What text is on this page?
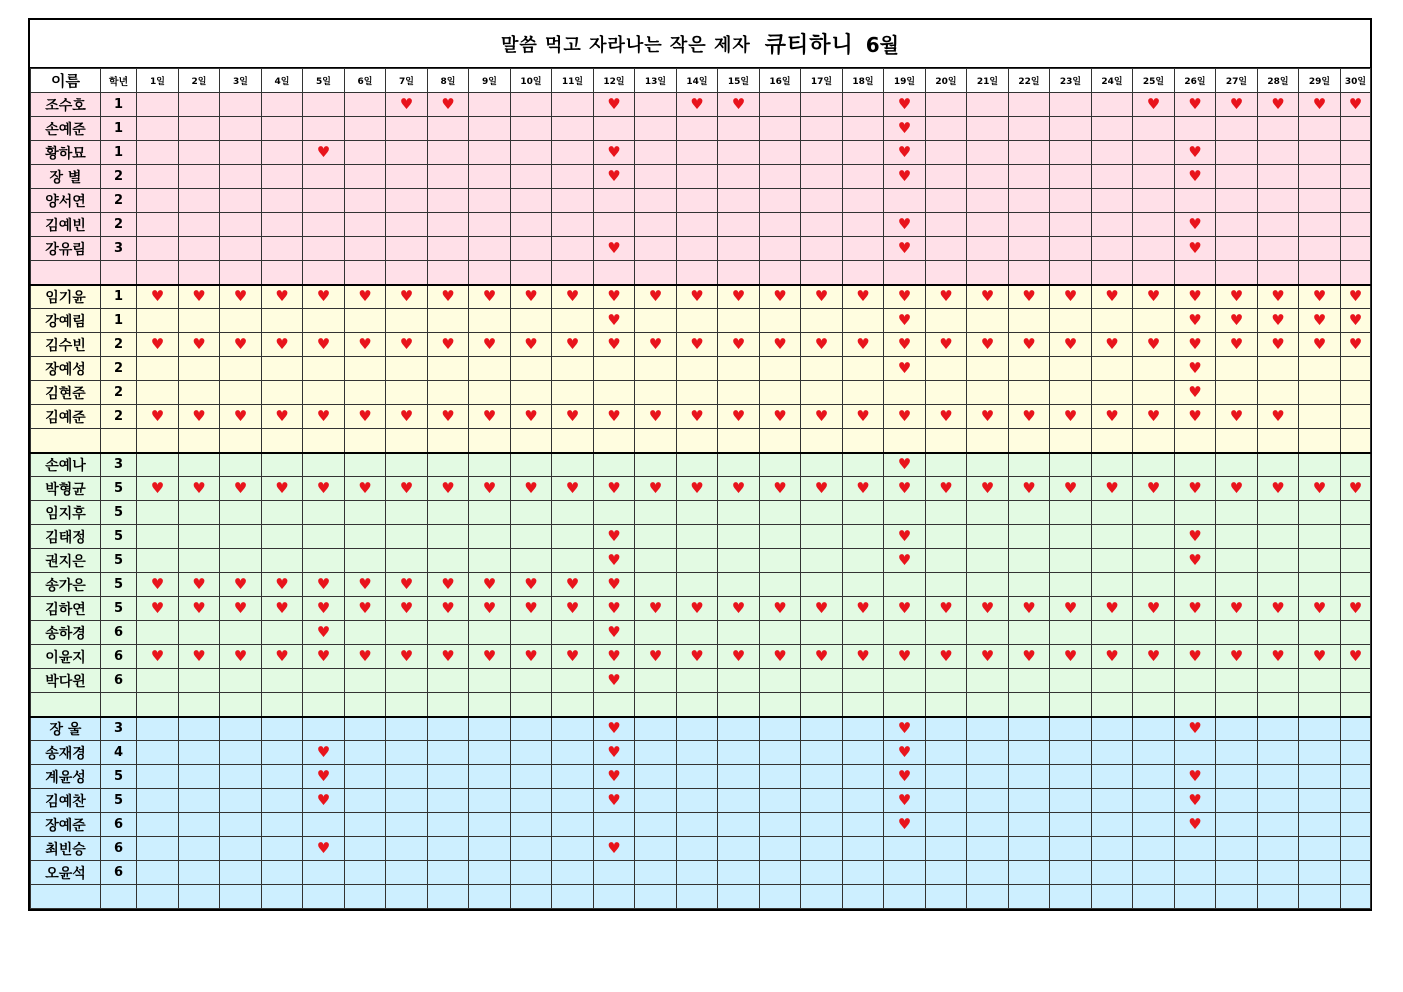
말씀 먹고 자라나는 작은 제자 큐티하니 6월
이름	학년	1일	2일	3일	4일	5일	6일	7일	8일	9일	10일	11일	12일	13일	14일	15일	16일	17일	18일	19일	20일	21일	22일	23일	24일	25일	26일	27일	28일	29일	30일
조수호	1							♥	♥				♥		♥	♥				♥						♥	♥	♥	♥	♥	♥
손예준	1																			♥											
황하묘	1					♥							♥							♥							♥				
장 별	2												♥							♥							♥				
양서연	2																														
김예빈	2																			♥							♥				
강유림	3												♥							♥							♥				

임기윤	1	♥	♥	♥	♥	♥	♥	♥	♥	♥	♥	♥	♥	♥	♥	♥	♥	♥	♥	♥	♥	♥	♥	♥	♥	♥	♥	♥	♥	♥	♥
강예림	1												♥							♥							♥	♥	♥	♥	♥
김수빈	2	♥	♥	♥	♥	♥	♥	♥	♥	♥	♥	♥	♥	♥	♥	♥	♥	♥	♥	♥	♥	♥	♥	♥	♥	♥	♥	♥	♥	♥	♥
장예성	2																			♥							♥				
김현준	2																										♥				
김예준	2	♥	♥	♥	♥	♥	♥	♥	♥	♥	♥	♥	♥	♥	♥	♥	♥	♥	♥	♥	♥	♥	♥	♥	♥	♥	♥	♥	♥		

손예나	3																			♥											
박형균	5	♥	♥	♥	♥	♥	♥	♥	♥	♥	♥	♥	♥	♥	♥	♥	♥	♥	♥	♥	♥	♥	♥	♥	♥	♥	♥	♥	♥	♥	♥
임지후	5																														
김태정	5												♥							♥							♥				
권지은	5												♥							♥							♥				
송가은	5	♥	♥	♥	♥	♥	♥	♥	♥	♥	♥	♥	♥																		
김하연	5	♥	♥	♥	♥	♥	♥	♥	♥	♥	♥	♥	♥	♥	♥	♥	♥	♥	♥	♥	♥	♥	♥	♥	♥	♥	♥	♥	♥	♥	♥
송하경	6					♥							♥																		
이윤지	6	♥	♥	♥	♥	♥	♥	♥	♥	♥	♥	♥	♥	♥	♥	♥	♥	♥	♥	♥	♥	♥	♥	♥	♥	♥	♥	♥	♥	♥	♥
박다윈	6												♥																		

장 울	3												♥							♥							♥				
송재경	4					♥							♥							♥											
계윤성	5					♥							♥							♥							♥				
김예찬	5					♥							♥							♥							♥				
장예준	6																			♥							♥				
최빈승	6					♥							♥																		
오윤석	6																														
